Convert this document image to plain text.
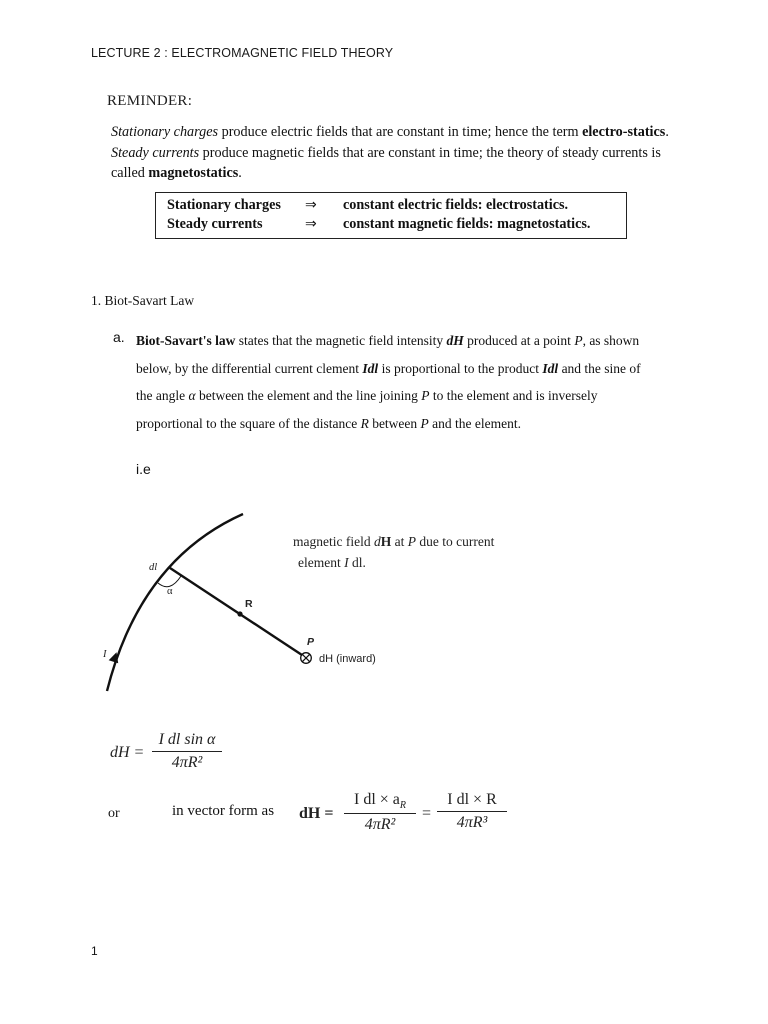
LECTURE 2 : ELECTROMAGNETIC FIELD THEORY
REMINDER:
Stationary charges produce electric fields that are constant in time; hence the term electro-statics. Steady currents produce magnetic fields that are constant in time; the theory of steady currents is called magnetostatics.
Stationary charges ⇒ constant electric fields: electrostatics.
Steady currents	⇒ constant magnetic fields: magnetostatics.
1. Biot-Savart Law
a. Biot-Savart's law states that the magnetic field intensity dH produced at a point P, as shown below, by the differential current clement Idl is proportional to the product Idl and the sine of the angle α between the element and the line joining P to the element and is inversely proportional to the square of the distance R between P and the element.
i.e
dl
α
R
P
I	dH (inward)
magnetic field dH at P due to current
element I dl.
dH =
I dl sin α
4πR²
or	in vector form as dH =
I dl × $a_R$
4πR²
=
I dl × R
4πR³
1
